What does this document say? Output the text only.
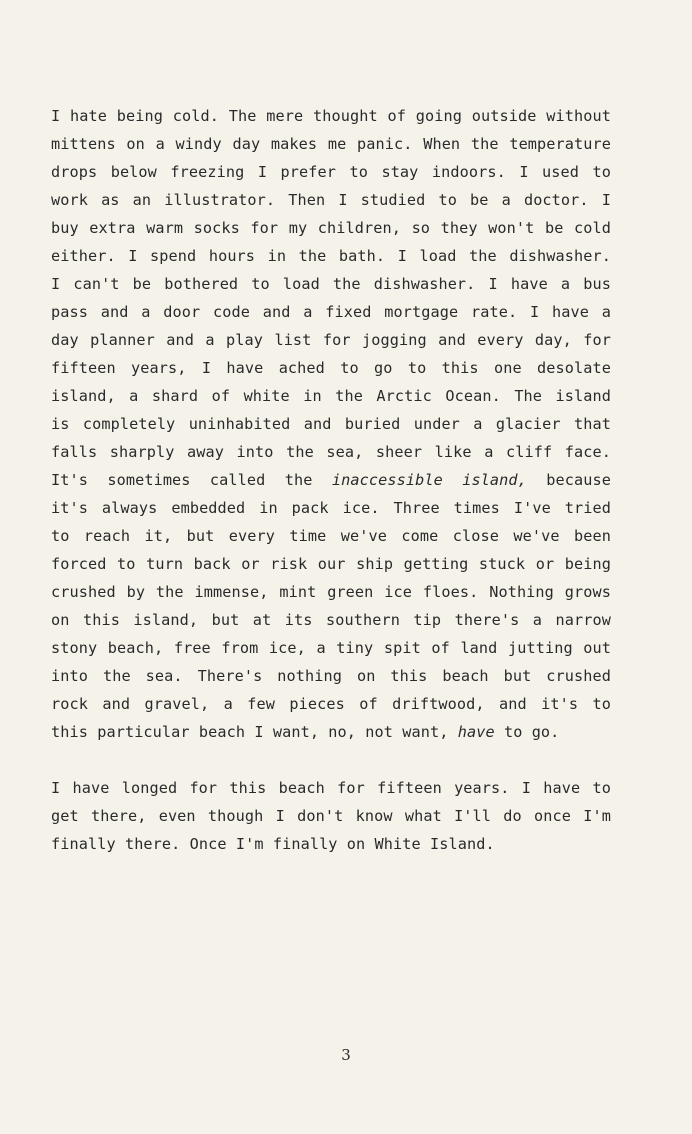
I hate being cold. The mere thought of going outside without
mittens on a windy day makes me panic. When the temperature
drops below freezing I prefer to stay indoors. I used to
work as an illustrator. Then I studied to be a doctor. I
buy extra warm socks for my children, so they won't be cold
either. I spend hours in the bath. I load the dishwasher.
I can't be bothered to load the dishwasher. I have a bus
pass and a door code and a fixed mortgage rate. I have a
day planner and a play list for jogging and every day, for
fifteen years, I have ached to go to this one desolate
island, a shard of white in the Arctic Ocean. The island
is completely uninhabited and buried under a glacier that
falls sharply away into the sea, sheer like a cliff face.
It's sometimes called the inaccessible island, because
it's always embedded in pack ice. Three times I've tried
to reach it, but every time we've come close we've been
forced to turn back or risk our ship getting stuck or being
crushed by the immense, mint green ice floes. Nothing grows
on this island, but at its southern tip there's a narrow
stony beach, free from ice, a tiny spit of land jutting out
into the sea. There's nothing on this beach but crushed
rock and gravel, a few pieces of driftwood, and it's to
this particular beach I want, no, not want, have to go.
I have longed for this beach for fifteen years. I have to
get there, even though I don't know what I'll do once I'm
finally there. Once I'm finally on White Island.
3
